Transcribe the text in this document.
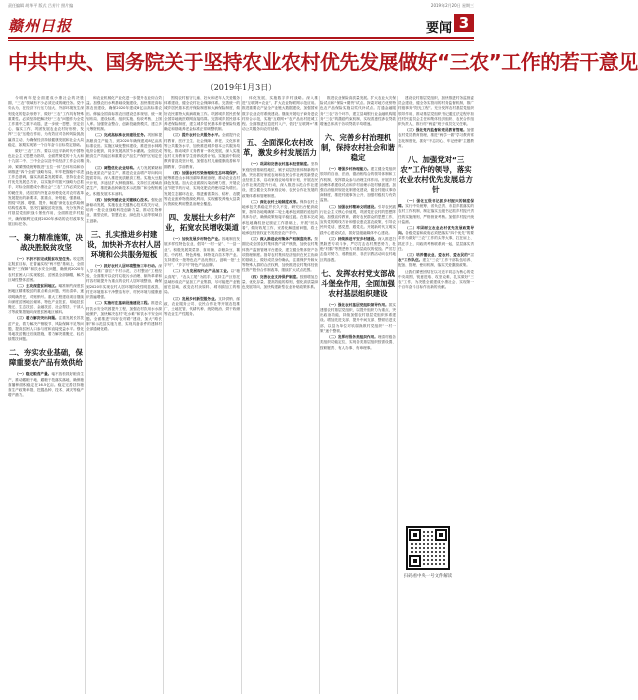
责任编辑 胡华平 版式 吕芳片 照片编	2019年2月20日 星期三
赣州日报	要闻 3
中共中央、国务院关于坚持农业农村优先发展做好“三农”工作的若干意见
（2019年1月3日）

今明两年是全面建成小康社会的决胜期，“三农”领域有不少必须完成的硬任务。党中央认为，在经济下行压力加大、外部环境发生深刻变化的复杂形势下，做好“三农”工作具有特殊重要性。必须坚持把解决好“三农”问题作为全党工作重中之重不动摇，进一步统一思想、坚定信心、落实工作，巩固发展农业农村好形势，发挥“三农”压舱石作用，为有效应对各种风险挑战赢得主动，为确保经济持续健康发展和社会大局稳定、如期实现第一个百年奋斗目标奠定基础。

做好“三农”工作，要以习近平新时代中国特色社会主义思想为指导，全面贯彻党的十九大和十九届二中、三中全会以及中央经济工作会议精神，紧紧围绕统筹推进“五位一体”总体布局和协调推进“四个全面”战略布局，牢牢把握稳中求进工作总基调，落实高质量发展要求，坚持农业农村优先发展总方针，以实施乡村振兴战略为总抓手，对标全面建成小康社会“三农”工作必须完成的硬任务，适应国内外复杂形势变化对农村改革发展提出的新要求，抓重点、补短板、强基础，围绕“巩固、增强、提升、畅通”深化农业供给侧结构性改革，坚决打赢脱贫攻坚战，充分发挥农村基层党组织战斗堡垒作用，全面推进乡村振兴，确保顺利完成到2020年承诺的农村改革发展目标任务。

一、聚力精准施策，决战决胜脱贫攻坚

（一）不折不扣完成脱贫攻坚任务。咬定既定脱贫目标，在普遍实现“两不愁”基础上，全面解决“三保障”和饮水安全问题，确保到2020年农村贫困人口实现脱贫、贫困县全部摘帽，解决区域性整体贫困。

（二）主攻深度贫困地区。瞄准制约深度贫困地区精准脱贫的重点难点问题，列出清单，逐项明确责任，对账销号。重大工程建设项目继续向深度贫困地区倾斜，特色产业扶贫、易地扶贫搬迁、生态扶贫、金融扶贫、社会帮扶、干部人才等政策措施向深度贫困地区倾斜。

（三）着力解决突出问题。注重发展长效扶贫产业，着力解决产销脱节、风险保障不足等问题，提高贫困人口参与度和直接受益水平。强化易地扶贫搬迁后续措施，着力解决重搬迁、轻后续帮扶问题。

二、夯实农业基础，保障重要农产品有效供给

（一）稳定粮食产量。毫不放松抓好粮食生产，推动藏粮于地、藏粮于技落实落地，确保粮食播种面积稳定在16.5亿亩。稳定完善扶持粮食生产政策举措，挖掘品种、技术、减灾等稳产增产潜力。

和农业机械化产业化进一步提升农业综合效益。加强农田水利基础设施建设，加快推进高标准农田建设，确保2020年建成8亿亩高标准农田。修编全国高标准农田建设总体规划，统一规划布局、建设标准、组织实施、验收考核、上图入库。加强资金整合，创新投融资模式，建立多元筹资机制。

（二）完成高标准农田建设任务。巩固和提高粮食生产能力，到2020年确保建成8亿亩高标准农田。实施区域化整体建设，推进田水林路电综合配套，同步发展高效节水灌溉。全面完成粮食生产功能区和重要农产品生产保护区划定任务。

（三）调整优化农业结构。大力发展紧缺和绿色优质农产品生产，推进农业由增产导向转向提质导向。深入推进优质粮食工程。实施大豆振兴计划，多途径扩大种植面积。支持长江流域油菜生产，推进新品种新技术示范推广和全程机械化。积极发展木本油料。

（四）加快突破农业关键核心技术。强化创新驱动发展，实施农业关键核心技术攻关行动，培育一批农业战略科技创新力量，推动生物种业、重型农机、智慧农业、绿色投入品等领域自主创新。

三、扎实推进乡村建设，加快补齐农村人居环境和公共服务短板

（一）抓好农村人居环境整治三年行动。深入学习推广浙江“千村示范、万村整治”工程经验，全面推开以农村垃圾污水治理、厕所革命和村容村貌提升为重点的农村人居环境整治，确保到2020年实现农村人居环境阶段性明显改善，村庄环境基本干净整洁有序，村民环境与健康意识普遍增强。

（二）实施村庄基础设施建设工程。推进农村饮水安全巩固提升工程，加强农村饮用水水源地保护，加快解决农村“吃水难”和饮水不安全问题。全面推进“四好农村路”建设，加大“路长制”和示范县实施力度，实现具备条件的建制村全部通硬化路。

围绕农村留守儿童、妇女和老年人关爱服务体系建设，健全农村社会保障体系。完善统一的城乡居民基本医疗保险制度和大病保险制度，做好农民重特大疾病救助工作。巩固城乡居民医保全国异地就医联网直接结算。完善城乡居民基本养老保险制度，建立城乡居民基本养老保险待遇确定和基础养老金标准正常调整机制。

（三）提升农村公共服务水平。全面提升农村教育、医疗卫生、社会保障、养老、文化体育等公共服务水平，加快推进城乡基本公共服务均等化。推动城乡义务教育一体化发展，深入实施农村义务教育学生营养改善计划。实施高中阶段教育普及攻坚计划，加强农村儿童健康改善和早期教育、学前教育。

（四）加强农村污染治理和生态环境保护。统筹推进山水林田湖草系统治理，推动农业农村绿色发展。加大农业面源污染治理力度，开展农业节肥节药行动，实现化肥农药使用量负增长。发展生态循环农业，推进畜禽粪污、秸秆、农膜等农业废弃物资源化利用，实现畜牧养殖大县粪污资源化利用整县治理全覆盖。

四、发展壮大乡村产业，拓宽农民增收渠道

（一）加快发展乡村特色产业。因地制宜发展多样性特色农业，倡导“一村一品”、“一县一业”。积极发展果菜茶、食用菌、杂粮杂豆、薯类、中药材、特色养殖、林特花卉苗木等产业。支持建设一批特色农产品优势区。创响一批“土字号”、“乡字号”特色产品品牌。

（二）大力发展现代农产品加工业。以“粮头食尾”、“农头工尾”为抓手，支持主产区依托县域形成农产品加工产业集群，尽可能把产业链留在县域，改变农村卖原料、城市搞加工的格局。

（三）发展乡村新型服务业。支持供销、邮政、农业服务公司、农民合作社等开展农技推广、土地托管、代耕代种、统防统治、烘干收储等农业生产性服务。

体化发展，实施数字乡村战略。深入推进“互联网+农业”，扩大农业物联网示范应用。推进重要农产品全产业链大数据建设，加强国家数字农业农村系统建设。继续开展电子商务进农村综合示范，实施“互联网+”农产品出村进城工程。全面推进信息进村入户，依托“互联网+”推动公共服务向农村延伸。

五、全面深化农村改革，激发乡村发展活力

（一）巩固和完善农村基本经营制度。坚持家庭经营基础性地位，赋予双层经营体制新的内涵。突出抓好家庭农场和农民合作社两类新型农业经营主体，启动家庭农场培育计划，开展农民合作社规范提升行动，深入推进示范合作社建设，建立健全支持家庭农场、农民合作社发展的政策体系和管理制度。

（二）深化农村土地制度改革。保持农村土地承包关系稳定并长久不变，研究出台配套政策，指导各地明确第二轮土地承包到期后延包的具体办法，确保政策衔接平稳过渡。在基本完成承包地确权登记颁证工作基础上，开展“回头看”，做好收尾工作，妥善化解遗留问题，将土地承包经营权证书发放至农户手中。

（三）深入推进农村集体产权制度改革。按期完成全国农村集体资产清产核资，加快农村集体资产监督管理平台建设，建立健全集体资产各项管理制度。指导农村集体经济组织在民主协商的基础上，做好成员身份确认，注重保护外嫁女等特殊人群的合法权利，加快推进农村集体经营性资产股份合作制改革，继续扩大试点范围。

（四）完善农业支持保护制度。按照增加总量、优化存量、提高效能的原则，强化高质量绿色发展导向，加快构建新型农业补贴政策体系。

推进农业保险高质量发展。扩大农业大灾保险试点和“保险+期货”试点。探索对地方优势特色农产品保险实施以奖代补试点。打通金融服务“三农”各个环节，建立县域银行业金融机构服务“三农”的激励约束机制，实现普惠性涉农贷款增速总体高于各项贷款平均增速。

六、完善乡村治理机制，保持农村社会和谐稳定

（一）增强乡村治理能力。建立健全党组织领导的自治、法治、德治相结合的领导体制和工作机制，发挥群众参与治理主体作用。开展乡村治理体系建设试点和乡村治理示范村镇创建。加强自治组织规范化制度化建设，健全村级议事协商制度，推进村级事务公开，加强村级权力有效监督。

（二）加强农村精神文明建设。引导农民践行社会主义核心价值观，巩固党在农村的思想阵地。加强宣传教育，做好农民群众的思想工作，宣传党的路线方针和强农惠农富农政策，引导农民听党话、感党恩、跟党走。开展新时代文明实践中心建设试点，抓好县级融媒体中心建设。

（三）持续推进平安乡村建设。深入推进扫黑除恶专项斗争，严厉打击农村黑恶势力，杜绝“村霸”等黑恶势力对基层政权的侵蚀。严厉打击敌对势力、邪教组织、非法宗教活动向农村地区的渗透。

七、发挥农村党支部战斗堡垒作用，全面加强农村基层组织建设

（一）强化农村基层党组织领导作用。抓实建强农村基层党组织，以提升组织力为重点，突出政治功能，持续加强农村基层党组织体系建设。增加先进支部、提升中间支部、整顿后进支部，以县为单位对软弱涣散村党组织“一村一策”逐个整顿。

（二）发挥村级各类组织作用。理清村级各类组织功能定位，实现各类基层组织按需设置、按职履责、有人办事、有章理事。

建设农村基层党组织，加快推进村务监督委员会建设，健全务实管用的村务监督机制，推广村级事务“阳光工程”。充分发挥农村基层党组织领导作用，推动基层党组织书记通过法定程序担任村民委员会主任和集体经济组织、农民合作组织负责人，推行村“两委”班子成员交叉任职。

（三）强化党内监督和党员教育管理。加强农村党员教育管理，推进“两学一做”学习教育常态化制度化，抓好“不忘初心、牢记使命”主题教育。

八、加强党对“三农”工作的领导，落实农业农村优先发展总方针

（一）强化五级书记抓乡村振兴的制度保障。实行中央统筹、省负总责、市县乡抓落实的农村工作机制，制定落实五级书记抓乡村振兴责任的实施细则，严格督查考核。加强乡村振兴统计监测。

（二）牢固树立农业农村优先发展政策导向。各级党委和政府必须把落实“四个优先”的要求作为做好“三农”工作的头等大事，扛在肩上、抓在手上，同政绩考核联系到一起，层层落实责任。

（三）培养懂农业、爱农村、爱农民的“三农”工作队伍。建立“三农”工作干部队伍培养、配备、管理、使用机制，落实关爱激励政策。

让我们紧密团结在以习近平同志为核心的党中央周围，锐意进取、攻坚克难，扎实做好“三农”工作，为决胜全面建成小康社会、实现第一个百年奋斗目标作出新的贡献。

扫码看中央一号文件解读
